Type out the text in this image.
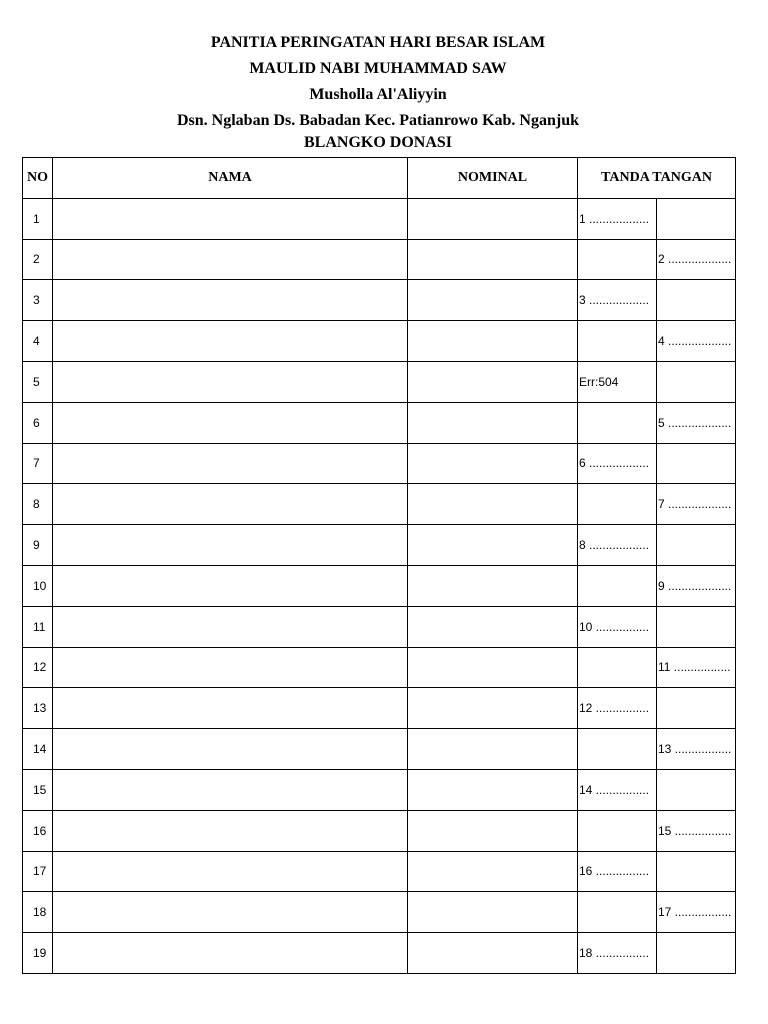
PANITIA PERINGATAN HARI BESAR ISLAM
MAULID NABI MUHAMMAD SAW
Musholla Al'Aliyyin
Dsn. Nglaban Ds. Babadan Kec. Patianrowo Kab. Nganjuk
BLANGKO DONASI
NO	NAMA	NOMINAL	TANDA TANGAN	
1			1 ..................	
2				2 ...................
3			3 ..................	
4				4 ...................
5			Err:504	
6				5 ...................
7			6 ..................	
8				7 ...................
9			8 ..................	
10				9 ...................
11			10 ................	
12				11 .................
13			12 ................	
14				13 .................
15			14 ................	
16				15 .................
17			16 ................	
18				17 .................
19			18 ................	
